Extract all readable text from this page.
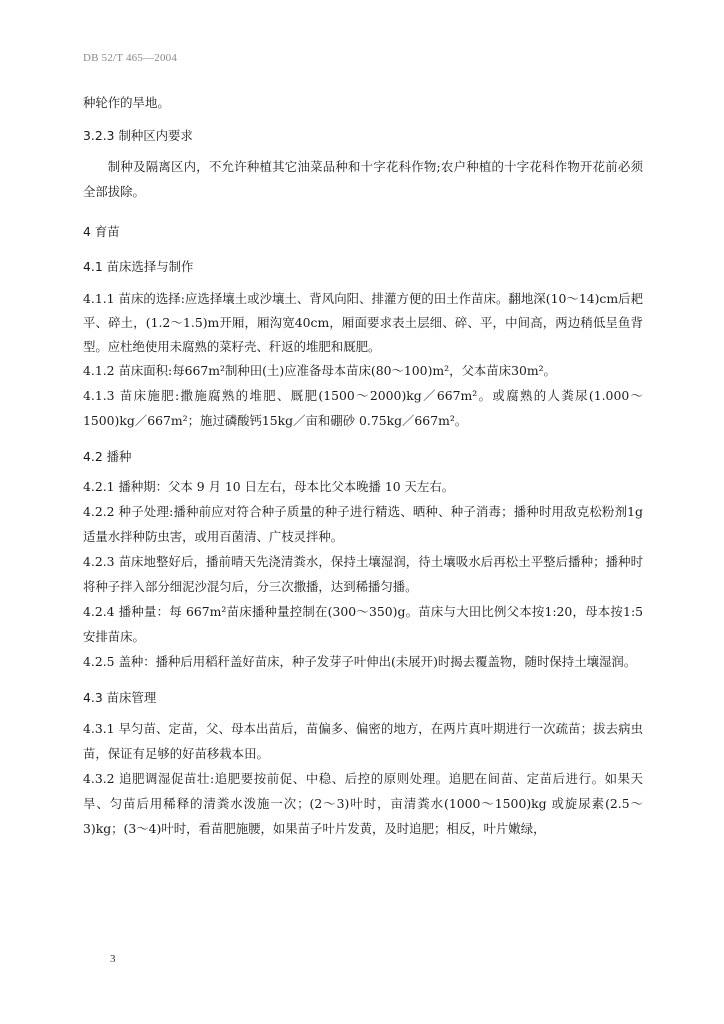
DB 52/T 465—2004

种轮作的旱地。

3.2.3 制种区内要求

制种及隔离区内，不允许种植其它油菜品种和十字花科作物;农户种植的十字花科作物开花前必须全部拔除。

4 育苗

4.1 苗床选择与制作

4.1.1 苗床的选择:应选择壤土或沙壤土、背风向阳、排灌方便的田土作苗床。翻地深(10～14)cm后耙平、碎土，(1.2～1.5)m开厢，厢沟宽40cm，厢面要求表土层细、碎、平，中间高，两边稍低呈鱼背型。应杜绝使用未腐熟的菜籽壳、秆返的堆肥和厩肥。

4.1.2 苗床面积:每667m²制种田(土)应准备母本苗床(80～100)m²，父本苗床30m²。

4.1.3 苗床施肥:撒施腐熟的堆肥、厩肥(1500～2000)kg／667m²。或腐熟的人粪尿(1.000～1500)kg／667m²；施过磷酸钙15kg／亩和硼砂 0.75kg／667m²。

4.2 播种

4.2.1 播种期：父本 9 月 10 日左右，母本比父本晚播 10 天左右。

4.2.2 种子处理:播种前应对符合种子质量的种子进行精选、晒种、种子消毒；播种时用敌克松粉剂1g适量水拌种防虫害，或用百菌清、广枝灵拌种。

4.2.3 苗床地整好后，播前晴天先浇清粪水，保持土壤湿润，待土壤吸水后再松土平整后播种；播种时将种子拌入部分细泥沙混匀后，分三次撒播，达到稀播匀播。

4.2.4 播种量：每 667m²苗床播种量控制在(300～350)g。苗床与大田比例父本按1:20，母本按1:5 安排苗床。

4.2.5 盖种：播种后用稻秆盖好苗床，种子发芽子叶伸出(未展开)时揭去覆盖物，随时保持土壤湿润。

4.3 苗床管理

4.3.1 早匀苗、定苗，父、母本出苗后，苗偏多、偏密的地方，在两片真叶期进行一次疏苗；拔去病虫苗，保证有足够的好苗移栽本田。

4.3.2 追肥调湿促苗壮:追肥要按前促、中稳、后控的原则处理。追肥在间苗、定苗后进行。如果天旱、匀苗后用稀释的清粪水泼施一次；(2～3)叶时，亩清粪水(1000～1500)kg 或旋尿素(2.5～3)kg；(3～4)叶时，看苗肥施腰，如果苗子叶片发黄，及时追肥；相反，叶片嫩绿，

3
